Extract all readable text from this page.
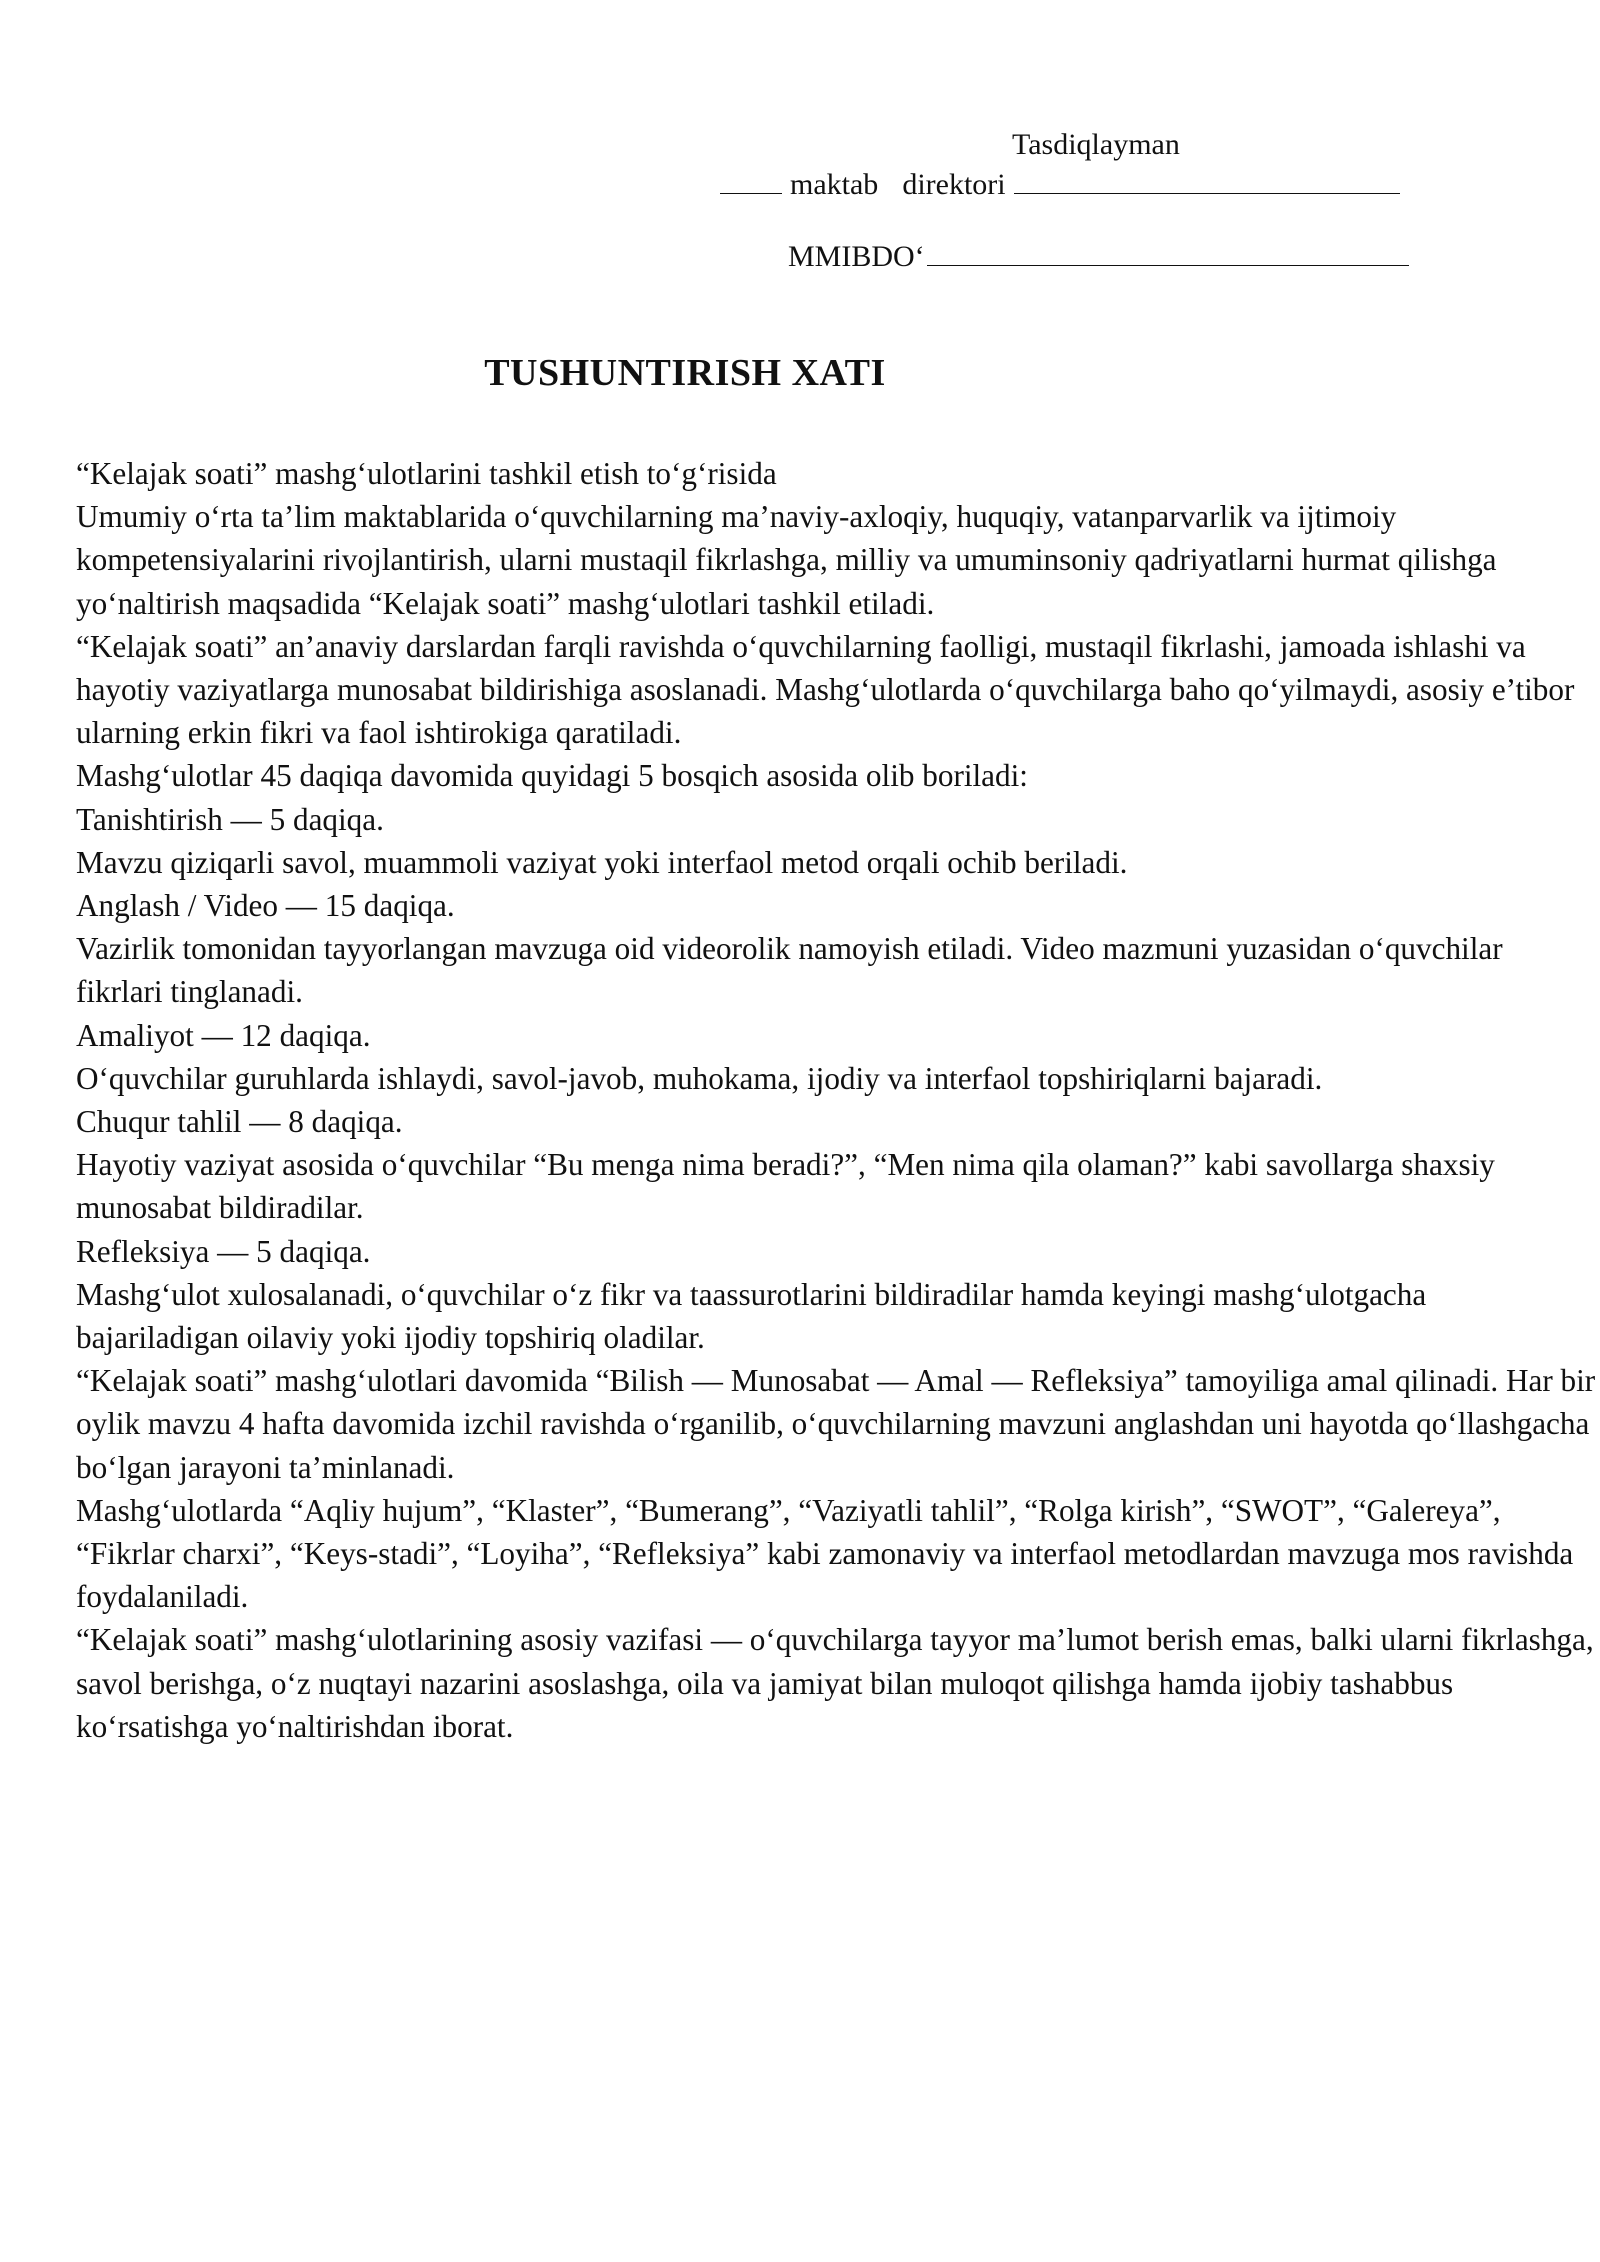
Tasdiqlayman
maktab direktori
MMIBDO‘
TUSHUNTIRISH XATI

“Kelajak soati” mashg‘ulotlarini tashkil etish to‘g‘risida

Umumiy o‘rta ta’lim maktablarida o‘quvchilarning ma’naviy-axloqiy, huquqiy, vatanparvarlik va ijtimoiy kompetensiyalarini rivojlantirish, ularni mustaqil fikrlashga, milliy va umuminsoniy qadriyatlarni hurmat qilishga yo‘naltirish maqsadida “Kelajak soati” mashg‘ulotlari tashkil etiladi.

“Kelajak soati” an’anaviy darslardan farqli ravishda o‘quvchilarning faolligi, mustaqil fikrlashi, jamoada ishlashi va hayotiy vaziyatlarga munosabat bildirishiga asoslanadi. Mashg‘ulotlarda o‘quvchilarga baho qo‘yilmaydi, asosiy e’tibor ularning erkin fikri va faol ishtirokiga qaratiladi.

Mashg‘ulotlar 45 daqiqa davomida quyidagi 5 bosqich asosida olib boriladi:

Tanishtirish — 5 daqiqa.

Mavzu qiziqarli savol, muammoli vaziyat yoki interfaol metod orqali ochib beriladi.

Anglash / Video — 15 daqiqa.

Vazirlik tomonidan tayyorlangan mavzuga oid videorolik namoyish etiladi. Video mazmuni yuzasidan o‘quvchilar fikrlari tinglanadi.

Amaliyot — 12 daqiqa.

O‘quvchilar guruhlarda ishlaydi, savol-javob, muhokama, ijodiy va interfaol topshiriqlarni bajaradi.

Chuqur tahlil — 8 daqiqa.

Hayotiy vaziyat asosida o‘quvchilar “Bu menga nima beradi?”, “Men nima qila olaman?” kabi savollarga shaxsiy munosabat bildiradilar.

Refleksiya — 5 daqiqa.

Mashg‘ulot xulosalanadi, o‘quvchilar o‘z fikr va taassurotlarini bildiradilar hamda keyingi mashg‘ulotgacha bajariladigan oilaviy yoki ijodiy topshiriq oladilar.

“Kelajak soati” mashg‘ulotlari davomida “Bilish — Munosabat — Amal — Refleksiya” tamoyiliga amal qilinadi. Har bir oylik mavzu 4 hafta davomida izchil ravishda o‘rganilib, o‘quvchilarning mavzuni anglashdan uni hayotda qo‘llashgacha bo‘lgan jarayoni ta’minlanadi.

Mashg‘ulotlarda “Aqliy hujum”, “Klaster”, “Bumerang”, “Vaziyatli tahlil”, “Rolga kirish”, “SWOT”, “Galereya”, “Fikrlar charxi”, “Keys-stadi”, “Loyiha”, “Refleksiya” kabi zamonaviy va interfaol metodlardan mavzuga mos ravishda foydalaniladi.

“Kelajak soati” mashg‘ulotlarining asosiy vazifasi — o‘quvchilarga tayyor ma’lumot berish emas, balki ularni fikrlashga, savol berishga, o‘z nuqtayi nazarini asoslashga, oila va jamiyat bilan muloqot qilishga hamda ijobiy tashabbus ko‘rsatishga yo‘naltirishdan iborat.
